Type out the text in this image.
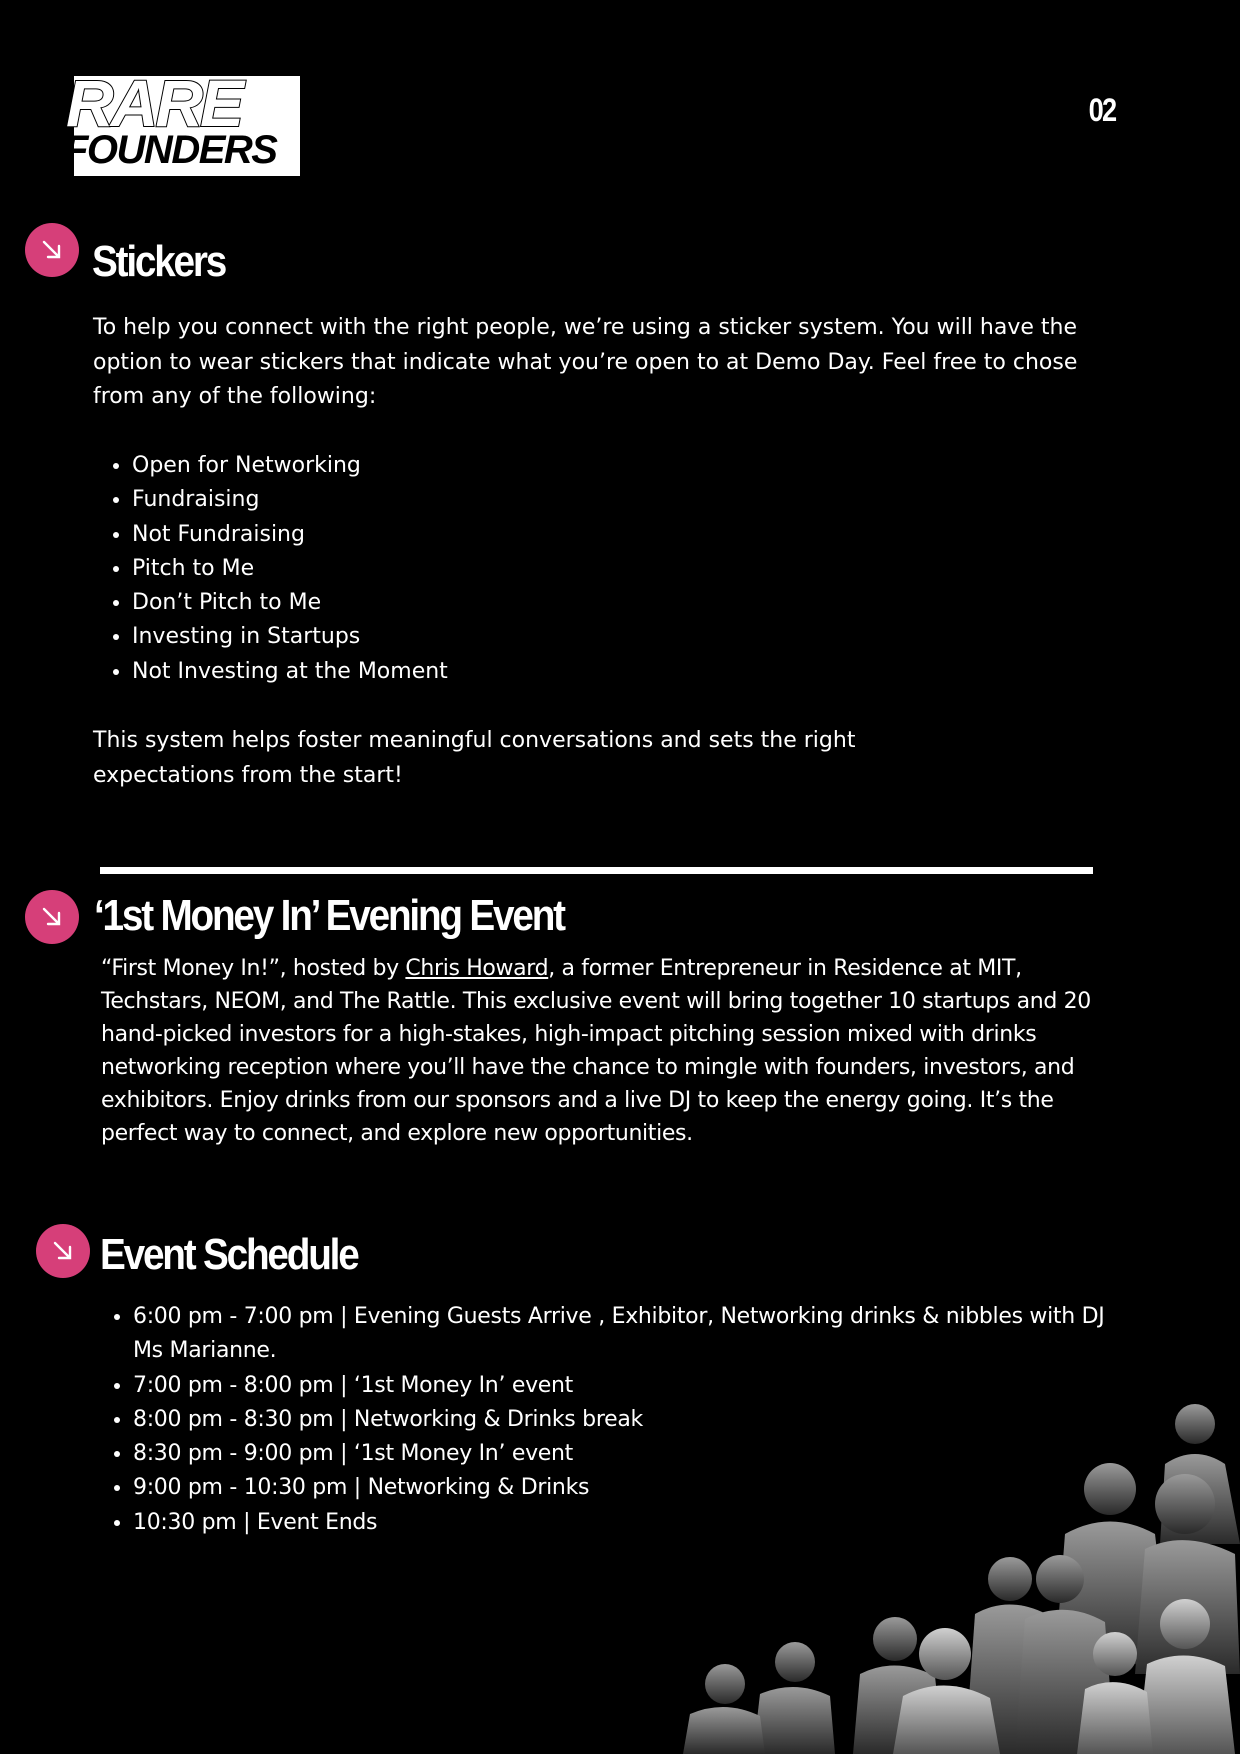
RARE
FOUNDERS
02
Stickers

To help you connect with the right people, we’re using a sticker system. You will have the option to wear stickers that indicate what you’re open to at Demo Day. Feel free to chose from any of the following:

• Open for Networking
• Fundraising
• Not Fundraising
• Pitch to Me
• Don’t Pitch to Me
• Investing in Startups
• Not Investing at the Moment

This system helps foster meaningful conversations and sets the right expectations from the start!

‘1st Money In’ Evening Event

“First Money In!”, hosted by Chris Howard, a former Entrepreneur in Residence at MIT, Techstars, NEOM, and The Rattle. This exclusive event will bring together 10 startups and 20 hand-picked investors for a high-stakes, high-impact pitching session mixed with drinks networking reception where you’ll have the chance to mingle with founders, investors, and exhibitors. Enjoy drinks from our sponsors and a live DJ to keep the energy going. It’s the perfect way to connect, and explore new opportunities.

Event Schedule
• 6:00 pm - 7:00 pm | Evening Guests Arrive , Exhibitor, Networking drinks & nibbles with DJ Ms Marianne.
• 7:00 pm - 8:00 pm | ‘1st Money In’ event
• 8:00 pm - 8:30 pm | Networking & Drinks break
• 8:30 pm - 9:00 pm | ‘1st Money In’ event
• 9:00 pm - 10:30 pm | Networking & Drinks
• 10:30 pm | Event Ends
